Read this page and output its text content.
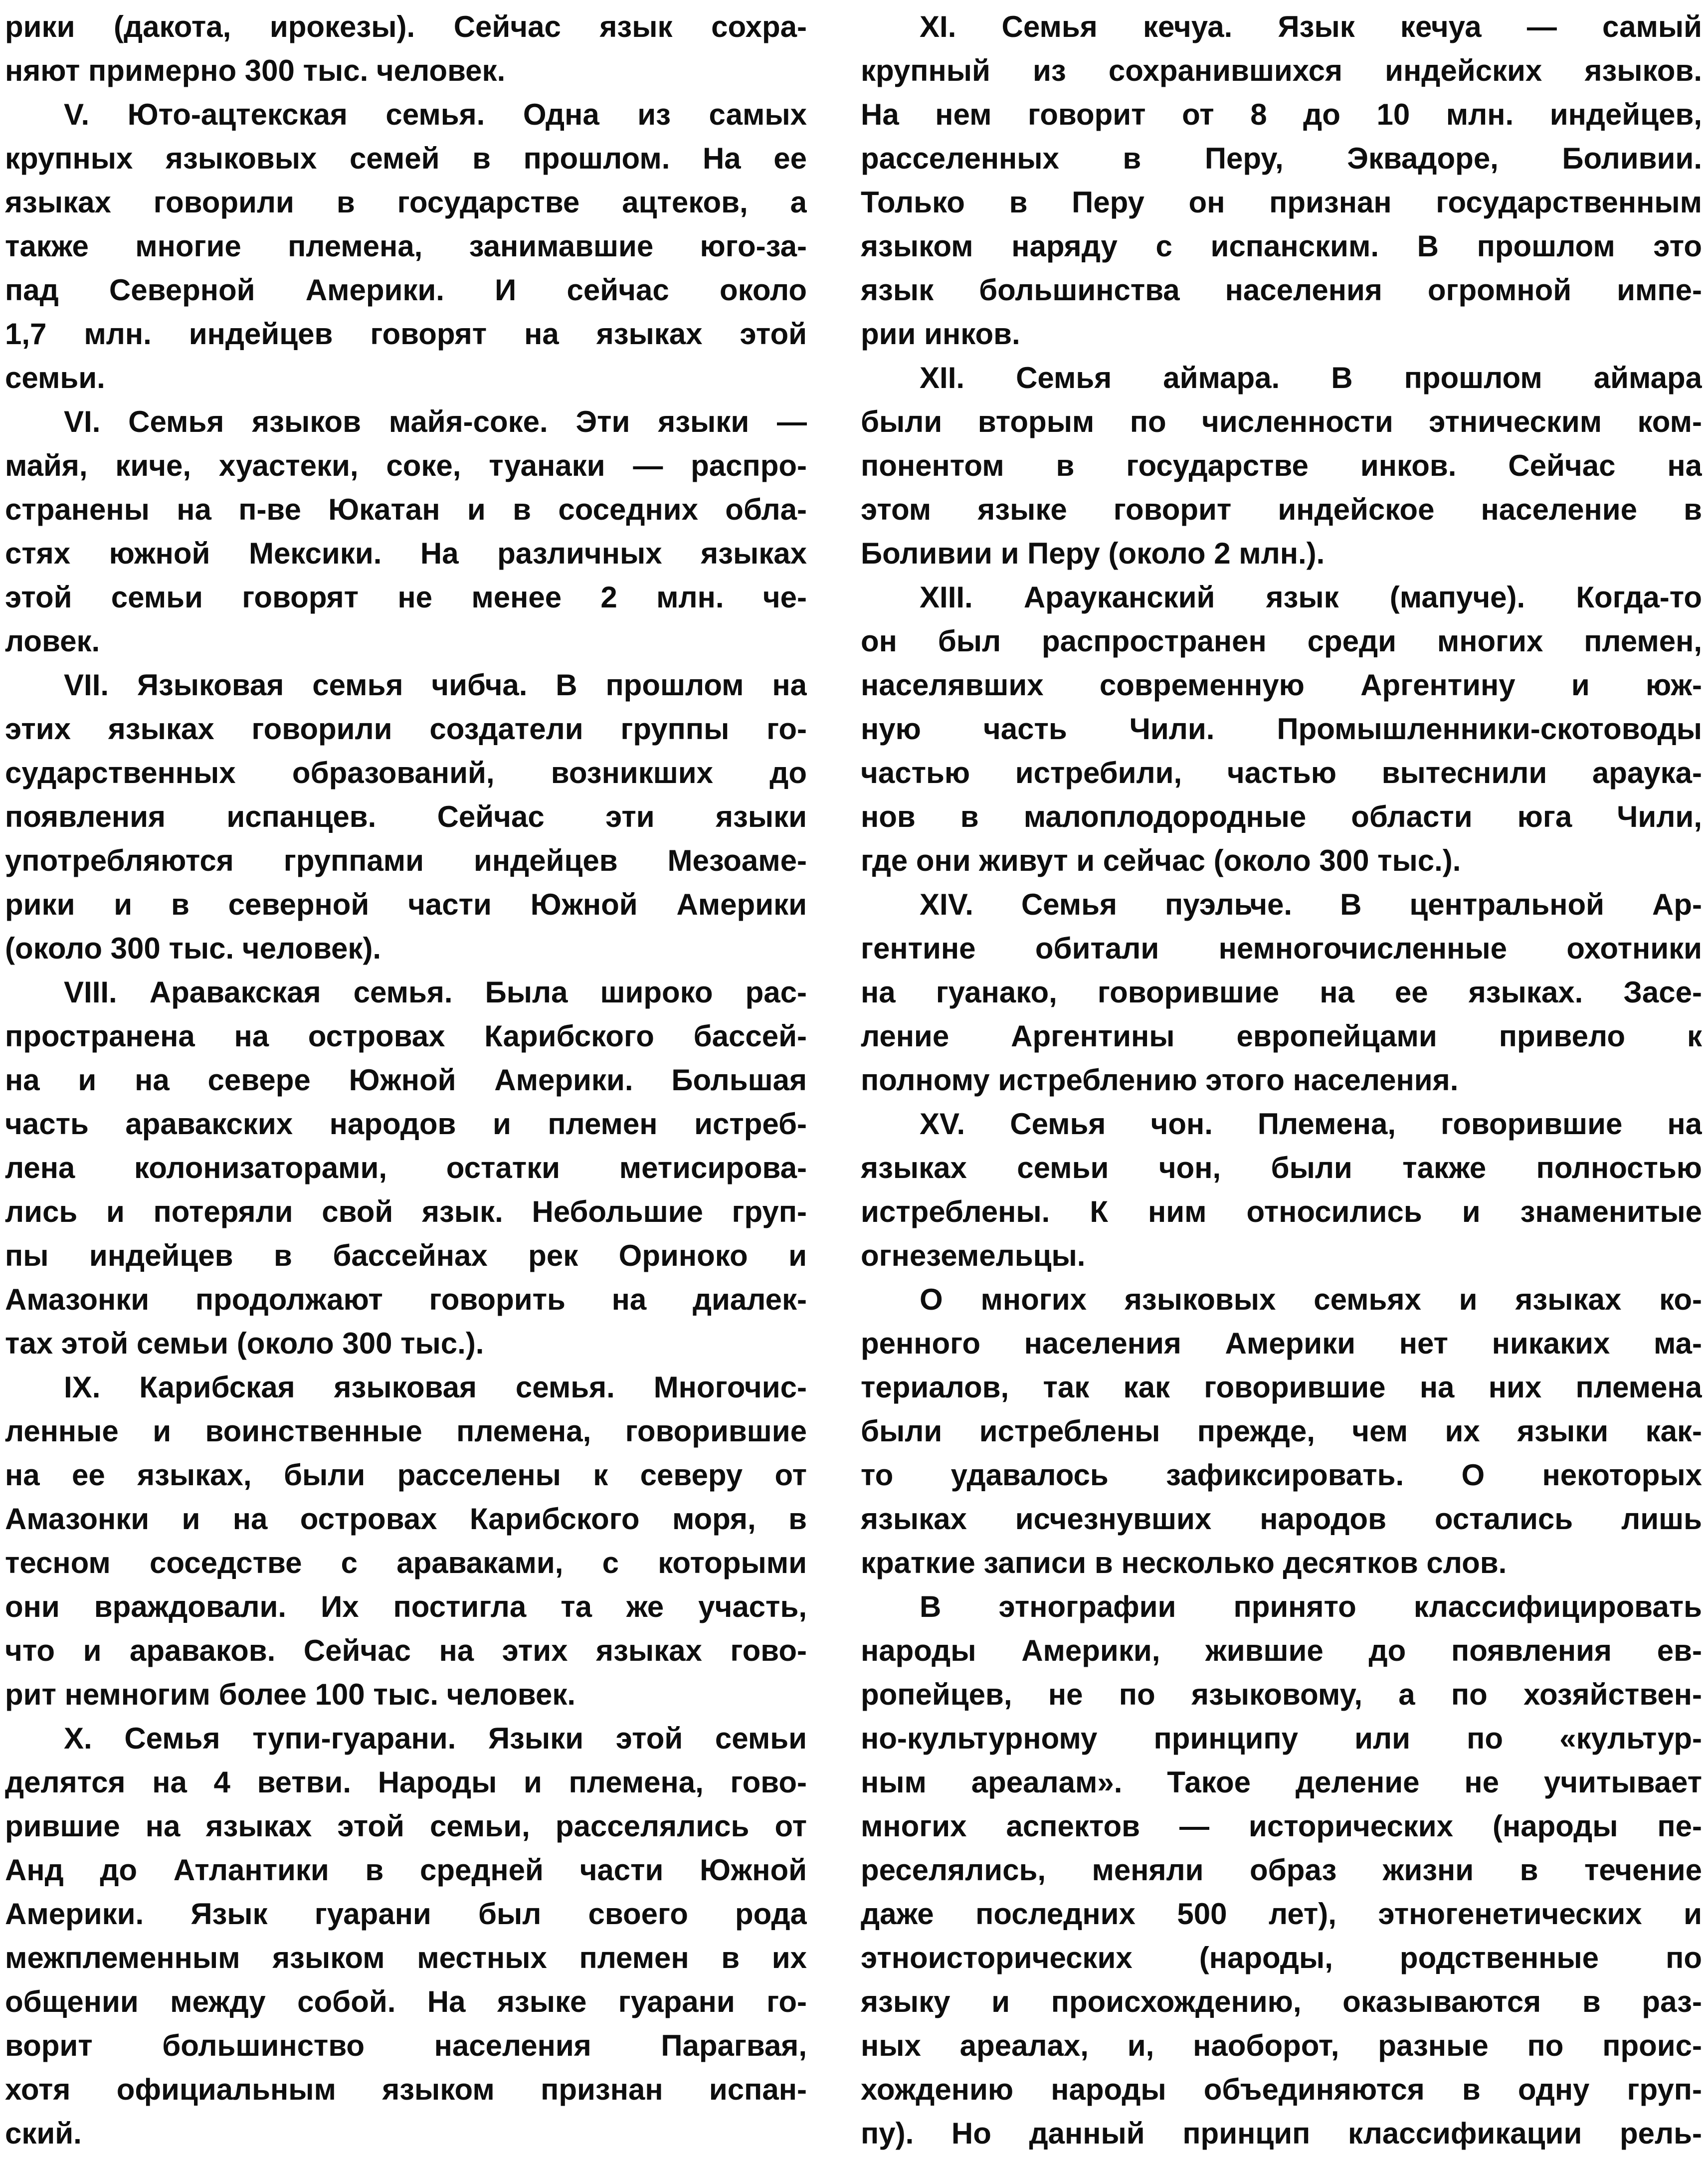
рики (дакота, ирокезы). Сейчас язык сохра-
няют примерно 300 тыс. человек.
V. Юто-ацтекская семья. Одна из самых
крупных языковых семей в прошлом. На ее
языках говорили в государстве ацтеков, а
также многие племена, занимавшие юго-за-
пад Северной Америки. И сейчас около
1,7 млн. индейцев говорят на языках этой
семьи.
VI. Семья языков майя-соке. Эти языки —
майя, киче, хуастеки, соке, туанаки — распро-
странены на п-ве Юкатан и в соседних обла-
стях южной Мексики. На различных языках
этой семьи говорят не менее 2 млн. че-
ловек.
VII. Языковая семья чибча. В прошлом на
этих языках говорили создатели группы го-
сударственных образований, возникших до
появления испанцев. Сейчас эти языки
употребляются группами индейцев Мезоаме-
рики и в северной части Южной Америки
(около 300 тыс. человек).
VIII. Аравакская семья. Была широко рас-
пространена на островах Карибского бассей-
на и на севере Южной Америки. Большая
часть аравакских народов и племен истреб-
лена колонизаторами, остатки метисирова-
лись и потеряли свой язык. Небольшие груп-
пы индейцев в бассейнах рек Ориноко и
Амазонки продолжают говорить на диалек-
тах этой семьи (около 300 тыс.).
IX. Карибская языковая семья. Многочис-
ленные и воинственные племена, говорившие
на ее языках, были расселены к северу от
Амазонки и на островах Карибского моря, в
тесном соседстве с араваками, с которыми
они враждовали. Их постигла та же участь,
что и араваков. Сейчас на этих языках гово-
рит немногим более 100 тыс. человек.
X. Семья тупи-гуарани. Языки этой семьи
делятся на 4 ветви. Народы и племена, гово-
рившие на языках этой семьи, расселялись от
Анд до Атлантики в средней части Южной
Америки. Язык гуарани был своего рода
межплеменным языком местных племен в их
общении между собой. На языке гуарани го-
ворит большинство населения Парагвая,
хотя официальным языком признан испан-
ский.
XI. Семья кечуа. Язык кечуа — самый
крупный из сохранившихся индейских языков.
На нем говорит от 8 до 10 млн. индейцев,
расселенных в Перу, Эквадоре, Боливии.
Только в Перу он признан государственным
языком наряду с испанским. В прошлом это
язык большинства населения огромной импе-
рии инков.
XII. Семья аймара. В прошлом аймара
были вторым по численности этническим ком-
понентом в государстве инков. Сейчас на
этом языке говорит индейское население в
Боливии и Перу (около 2 млн.).
XIII. Арауканский язык (мапуче). Когда-то
он был распространен среди многих племен,
населявших современную Аргентину и юж-
ную часть Чили. Промышленники-скотоводы
частью истребили, частью вытеснили араука-
нов в малоплодородные области юга Чили,
где они живут и сейчас (около 300 тыс.).
XIV. Семья пуэльче. В центральной Ар-
гентине обитали немногочисленные охотники
на гуанако, говорившие на ее языках. Засе-
ление Аргентины европейцами привело к
полному истреблению этого населения.
XV. Семья чон. Племена, говорившие на
языках семьи чон, были также полностью
истреблены. К ним относились и знаменитые
огнеземельцы.
О многих языковых семьях и языках ко-
ренного населения Америки нет никаких ма-
териалов, так как говорившие на них племена
были истреблены прежде, чем их языки как-
то удавалось зафиксировать. О некоторых
языках исчезнувших народов остались лишь
краткие записи в несколько десятков слов.
В этнографии принято классифицировать
народы Америки, жившие до появления ев-
ропейцев, не по языковому, а по хозяйствен-
но-культурному принципу или по «культур-
ным ареалам». Такое деление не учитывает
многих аспектов — исторических (народы пе-
реселялись, меняли образ жизни в течение
даже последних 500 лет), этногенетических и
этноисторических (народы, родственные по
языку и происхождению, оказываются в раз-
ных ареалах, и, наоборот, разные по проис-
хождению народы объединяются в одну груп-
пу). Но данный принцип классификации рель-
